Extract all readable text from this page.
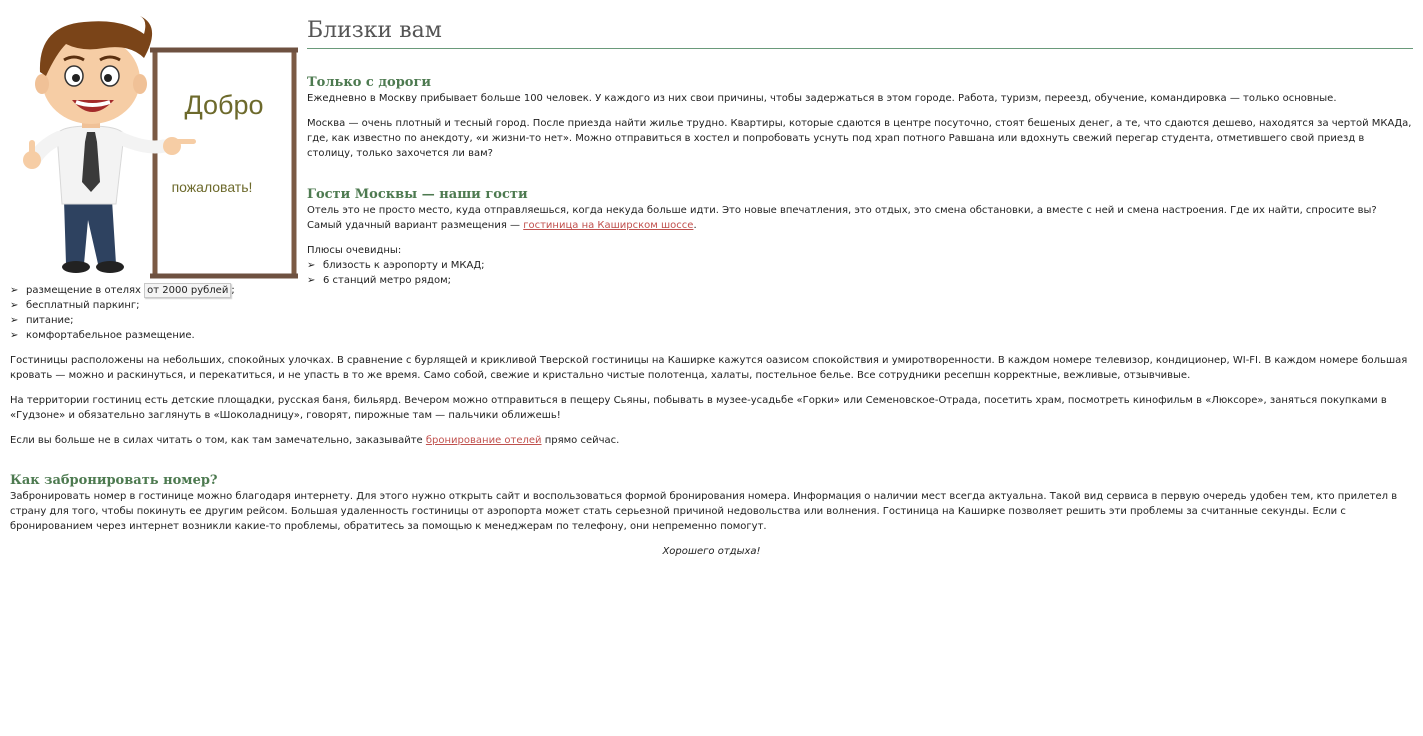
Добро
пожаловать!
Близки вам
Только с дороги

Ежедневно в Москву прибывает больше 100 человек. У каждого из них свои причины, чтобы задержаться в этом городе. Работа, туризм, переезд, обучение, командировка — только основные.

Москва — очень плотный и тесный город. После приезда найти жилье трудно. Квартиры, которые сдаются в центре посуточно, стоят бешеных денег, а те, что сдаются дешево, находятся за чертой МКАДа, где, как известно по анекдоту, «и жизни-то нет». Можно отправиться в хостел и попробовать уснуть под храп потного Равшана или вдохнуть свежий перегар студента, отметившего свой приезд в столицу, только захочется ли вам?

Гости Москвы — наши гости

Отель это не просто место, куда отправляешься, когда некуда больше идти. Это новые впечатления, это отдых, это смена обстановки, а вместе с ней и смена настроения. Где их найти, спросите вы? Самый удачный вариант размещения — гостиница на Каширском шоссе.

Плюсы очевидны:

➢ близость к аэропорту и МКАД;
➢ 6 станций метро рядом;
➢ размещение в отелях от 2000 рублей ;
➢ бесплатный паркинг;
➢ питание;
➢ комфортабельное размещение.

Гостиницы расположены на небольших, спокойных улочках. В сравнение с бурлящей и крикливой Тверской гостиницы на Каширке кажутся оазисом спокойствия и умиротворенности. В каждом номере телевизор, кондиционер, WI-FI. В каждом номере большая кровать — можно и раскинуться, и перекатиться, и не упасть в то же время. Само собой, свежие и кристально чистые полотенца, халаты, постельное белье. Все сотрудники ресепшн корректные, вежливые, отзывчивые.

На территории гостиниц есть детские площадки, русская баня, бильярд. Вечером можно отправиться в пещеру Сьяны, побывать в музее-усадьбе «Горки» или Семеновское-Отрада, посетить храм, посмотреть кинофильм в «Люксоре», заняться покупками в «Гудзоне» и обязательно заглянуть в «Шоколадницу», говорят, пирожные там — пальчики оближешь!

Если вы больше не в силах читать о том, как там замечательно, заказывайте бронирование отелей прямо сейчас.

Как забронировать номер?

Забронировать номер в гостинице можно благодаря интернету. Для этого нужно открыть сайт и воспользоваться формой бронирования номера. Информация о наличии мест всегда актуальна. Такой вид сервиса в первую очередь удобен тем, кто прилетел в страну для того, чтобы покинуть ее другим рейсом. Большая удаленность гостиницы от аэропорта может стать серьезной причиной недовольства или волнения. Гостиница на Каширке позволяет решить эти проблемы за считанные секунды. Если с бронированием через интернет возникли какие-то проблемы, обратитесь за помощью к менеджерам по телефону, они непременно помогут.

Хорошего отдыха!
